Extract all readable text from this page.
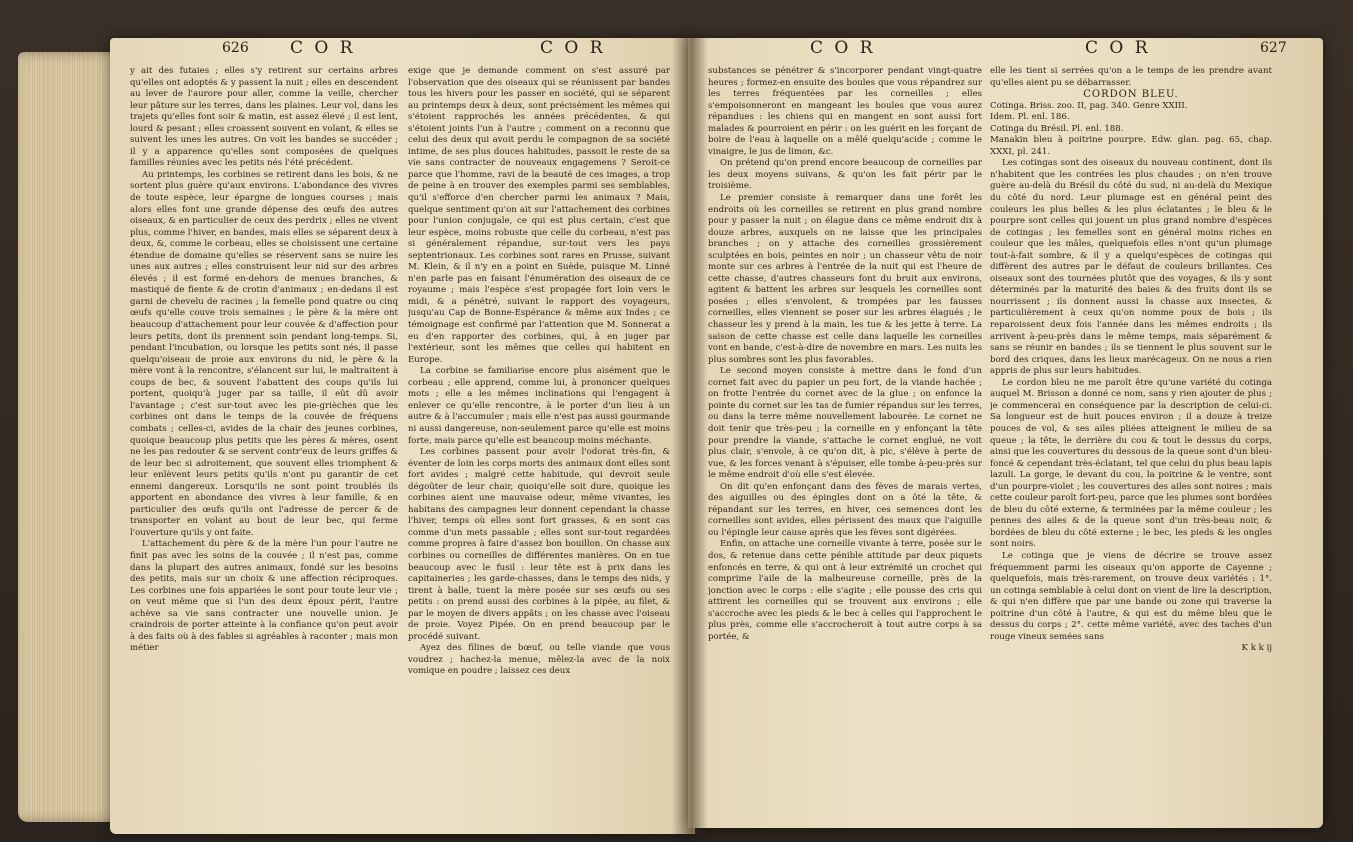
626 C O R	C O R

y ait des futaies ; elles s'y retirent sur certains arbres qu'elles ont adoptés & y passent la nuit ; elles en descendent au lever de l'aurore pour aller, comme la veille, chercher leur pâture sur les terres, dans les plaines. Leur vol, dans les trajets qu'elles font soir & matin, est assez élevé ; il est lent, lourd & pesant ; elles croassent souvent en volant, & elles se suivent les unes les autres. On voit les bandes se succéder ; il y a apparence qu'elles sont composées de quelques familles réunies avec les petits nés l'été précédent.

Au printemps, les corbines se retirent dans les bois, & ne sortent plus guère qu'aux environs. L'abondance des vivres de toute espèce, leur épargne de longues courses ; mais alors elles font une grande dépense des œufs des autres oiseaux, & en particulier de ceux des perdrix ; elles ne vivent plus, comme l'hiver, en bandes, mais elles se séparent deux à deux, &, comme le corbeau, elles se choisissent une certaine étendue de domaine qu'elles se réservent sans se nuire les unes aux autres ; elles construisent leur nid sur des arbres élevés ; il est formé en-dehors de menues branches, & mastiqué de fiente & de crotin d'animaux ; en-dedans il est garni de chevelu de racines ; la femelle pond quatre ou cinq œufs qu'elle couve trois semaines ; le père & la mère ont beaucoup d'attachement pour leur couvée & d'affection pour leurs petits, dont ils prennent soin pendant long-temps. Si, pendant l'incubation, ou lorsque les petits sont nés, il passe quelqu'oiseau de proie aux environs du nid, le père & la mère vont à la rencontre, s'élancent sur lui, le maltraitent à coups de bec, & souvent l'abattent des coups qu'ils lui portent, quoiqu'à juger par sa taille, il eût dû avoir l'avantage ; c'est sur-tout avec les pie-grièches que les corbines ont dans le temps de la couvée de fréquens combats ; celles-ci, avides de la chair des jeunes corbines, quoique beaucoup plus petits que les pères & mères, osent ne les pas redouter & se servent contr'eux de leurs griffes & de leur bec si adroitement, que souvent elles triomphent & leur enlèvent leurs petits qu'ils n'ont pu garantir de cet ennemi dangereux. Lorsqu'ils ne sont point troublés ils apportent en abondance des vivres à leur famille, & en particulier des œufs qu'ils ont l'adresse de percer & de transporter en volant au bout de leur bec, qui ferme l'ouverture qu'ils y ont faite.

L'attachement du père & de la mère l'un pour l'autre ne finit pas avec les soins de la couvée ; il n'est pas, comme dans la plupart des autres animaux, fondé sur les besoins des petits, mais sur un choix & une affection réciproques. Les corbines une fois appariées le sont pour toute leur vie ; on veut même que si l'un des deux époux périt, l'autre achève sa vie sans contracter une nouvelle union. Je craindrois de porter atteinte à la confiance qu'on peut avoir à des faits où à des fables si agréables à raconter ; mais mon métier

exige que je demande comment on s'est assuré par l'observation que des oiseaux qui se réunissent par bandes tous les hivers pour les passer en société, qui se séparent au printemps deux à deux, sont précisément les mêmes qui s'étoient rapprochés les années précédentes, & qui s'étoient joints l'un à l'autre ; comment on a reconnu que celui des deux qui avoit perdu le compagnon de sa société intime, de ses plus douces habitudes, passoit le reste de sa vie sans contracter de nouveaux engagemens ? Seroit-ce parce que l'homme, ravi de la beauté de ces images, a trop de peine à en trouver des exemples parmi ses semblables, qu'il s'efforce d'en chercher parmi les animaux ? Mais, quelque sentiment qu'on ait sur l'attachement des corbines pour l'union conjugale, ce qui est plus certain, c'est que leur espèce, moins robuste que celle du corbeau, n'est pas si généralement répandue, sur-tout vers les pays septentrionaux. Les corbines sont rares en Prusse, suivant M. Klein, & il n'y en a point en Suède, puisque M. Linné n'en parle pas en faisant l'énumération des oiseaux de ce royaume ; mais l'espèce s'est propagée fort loin vers le midi, & a pénétré, suivant le rapport des voyageurs, jusqu'au Cap de Bonne-Espérance & même aux Indes ; ce témoignage est confirmé par l'attention que M. Sonnerat a eu d'en rapporter des corbines, qui, à en juger par l'extérieur, sont les mêmes que celles qui habitent en Europe.

La corbine se familiarise encore plus aisément que le corbeau ; elle apprend, comme lui, à prononcer quelques mots ; elle a les mêmes inclinations qui l'engagent à enlever ce qu'elle rencontre, à le porter d'un lieu à un autre & à l'accumuler ; mais elle n'est pas aussi gourmande ni aussi dangereuse, non-seulement parce qu'elle est moins forte, mais parce qu'elle est beaucoup moins méchante.

Les corbines passent pour avoir l'odorat très-fin, & éventer de loin les corps morts des animaux dont elles sont fort avides ; malgré cette habitude, qui devroit seule dégoûter de leur chair, quoiqu'elle soit dure, quoique les corbines aient une mauvaise odeur, même vivantes, les habitans des campagnes leur donnent cependant la chasse l'hiver, temps où elles sont fort grasses, & en sont cas comme d'un mets passable ; elles sont sur-tout regardées comme propres à faire d'assez bon bouillon. On chasse aux corbines ou corneilles de différentes manières. On en tue beaucoup avec le fusil : leur tête est à prix dans les capitaineries ; les garde-chasses, dans le temps des nids, y tirent à balle, tuent la mère posée sur ses œufs ou ses petits : on prend aussi des corbines à la pipée, au filet, & par le moyen de divers appâts ; on les chasse avec l'oiseau de proie. Voyez Pipée. On en prend beaucoup par le procédé suivant.

Ayez des filines de bœuf, ou telle viande que vous voudrez ; hachez-la menue, mêlez-la avec de la noix vomique en poudre ; laissez ces deux

C O R	C O R	627

substances se pénétrer & s'incorporer pendant vingt-quatre heures ; formez-en ensuite des boules que vous répandrez sur les terres fréquentées par les corneilles ; elles s'empoisonneront en mangeant les boules que vous aurez répandues : les chiens qui en mangent en sont aussi fort malades & pourroient en périr : on les guérit en les forçant de boire de l'eau à laquelle on a mêlé quelqu'acide ; comme le vinaigre, le jus de limon, &c.

On prétend qu'on prend encore beaucoup de corneilles par les deux moyens suivans, & qu'on les fait périr par le troisième.

Le premier consiste à remarquer dans une forêt les endroits où les corneilles se retirent en plus grand nombre pour y passer la nuit ; on élague dans ce même endroit dix à douze arbres, auxquels on ne laisse que les principales branches ; on y attache des corneilles grossièrement sculptées en bois, peintes en noir ; un chasseur vêtu de noir monte sur ces arbres à l'entrée de la nuit qui est l'heure de cette chasse, d'autres chasseurs font du bruit aux environs, agitent & battent les arbres sur lesquels les corneilles sont posées ; elles s'envolent, & trompées par les fausses corneilles, elles viennent se poser sur les arbres élagués ; le chasseur les y prend à la main, les tue & les jette à terre. La saison de cette chasse est celle dans laquelle les corneilles vont en bande, c'est-à-dire de novembre en mars. Les nuits les plus sombres sont les plus favorables.

Le second moyen consiste à mettre dans le fond d'un cornet fait avec du papier un peu fort, de la viande hachée ; on frotte l'entrée du cornet avec de la glue ; on enfonce la pointe du cornet sur les tas de fumier répandus sur les terres, ou dans la terre même nouvellement labourée. Le cornet ne doit tenir que très-peu ; la corneille en y enfonçant la tête pour prendre la viande, s'attache le cornet englué, ne voit plus clair, s'envole, à ce qu'on dit, à pic, s'élève à perte de vue, & les forces venant à s'épuiser, elle tombe à-peu-près sur le même endroit d'où elle s'est élevée.

On dit qu'en enfonçant dans des fèves de marais vertes, des aiguilles ou des épingles dont on a ôté la tête, & répandant sur les terres, en hiver, ces semences dont les corneilles sont avides, elles périssent des maux que l'aiguille ou l'épingle leur cause après que les fèves sont digérées.

Enfin, on attache une corneille vivante à terre, posée sur le dos, & retenue dans cette pénible attitude par deux piquets enfoncés en terre, & qui ont à leur extrémité un crochet qui comprime l'aile de la malheureuse corneille, près de la jonction avec le corps : elle s'agite ; elle pousse des cris qui attirent les corneilles qui se trouvent aux environs ; elle s'accroche avec les pieds & le bec à celles qui l'approchent le plus près, comme elle s'accrocheroit à tout autre corps à sa portée, &

elle les tient si serrées qu'on a le temps de les prendre avant qu'elles aient pu se débarrasser.

CORDON BLEU.

Cotinga. Briss. zoo. II, pag. 340. Genre XXIII.

Idem. Pl. enl. 186.

Cotinga du Brésil. Pl. enl. 188.

Manakin bleu à poitrine pourpre. Edw. glan. pag. 65, chap. XXXI, pl. 241.

Les cotingas sont des oiseaux du nouveau continent, dont ils n'habitent que les contrées les plus chaudes ; on n'en trouve guère au-delà du Brésil du côté du sud, ni au-delà du Mexique du côté du nord. Leur plumage est en général peint des couleurs les plus belles & les plus éclatantes ; le bleu & le pourpre sont celles qui jouent un plus grand nombre d'espèces de cotingas ; les femelles sont en général moins riches en couleur que les mâles, quelquefois elles n'ont qu'un plumage tout-à-fait sombre, & il y a quelqu'espèces de cotingas qui diffèrent des autres par le défaut de couleurs brillantes. Ces oiseaux sont des tournées plutôt que des voyages, & ils y sont déterminés par la maturité des baies & des fruits dont ils se nourrissent ; ils donnent aussi la chasse aux insectes, & particulièrement à ceux qu'on nomme poux de bois ; ils reparoissent deux fois l'année dans les mêmes endroits ; ils arrivent à-peu-près dans le même temps, mais séparément & sans se réunir en bandes ; ils se tiennent le plus souvent sur le bord des criques, dans les lieux marécageux. On ne nous a rien appris de plus sur leurs habitudes.

Le cordon bleu ne me paroît être qu'une variété du cotinga auquel M. Brisson a donné ce nom, sans y rien ajouter de plus ; je commencerai en conséquence par la description de celui-ci. Sa longueur est de huit pouces environ ; il a douze à treize pouces de vol, & ses ailes pliées atteignent le milieu de sa queue ; la tête, le derrière du cou & tout le dessus du corps, ainsi que les couvertures du dessous de la queue sont d'un bleu-foncé & cependant très-éclatant, tel que celui du plus beau lapis lazuli. La gorge, le devant du cou, la poitrine & le ventre, sont d'un pourpre-violet ; les couvertures des ailes sont noires ; mais cette couleur paroît fort-peu, parce que les plumes sont bordées de bleu du côté externe, & terminées par la même couleur ; les pennes des ailes & de la queue sont d'un très-beau noir, & bordées de bleu du côté externe ; le bec, les pieds & les ongles sont noirs.

Le cotinga que je viens de décrire se trouve assez fréquemment parmi les oiseaux qu'on apporte de Cayenne ; quelquefois, mais très-rarement, on trouve deux variétés : 1°. un cotinga semblable à celui dont on vient de lire la description, & qui n'en diffère que par une bande ou zone qui traverse la poitrine d'un côté à l'autre, & qui est du même bleu que le dessus du corps ; 2°. cette même variété, avec des taches d'un rouge vineux semées sans

K k k ij
